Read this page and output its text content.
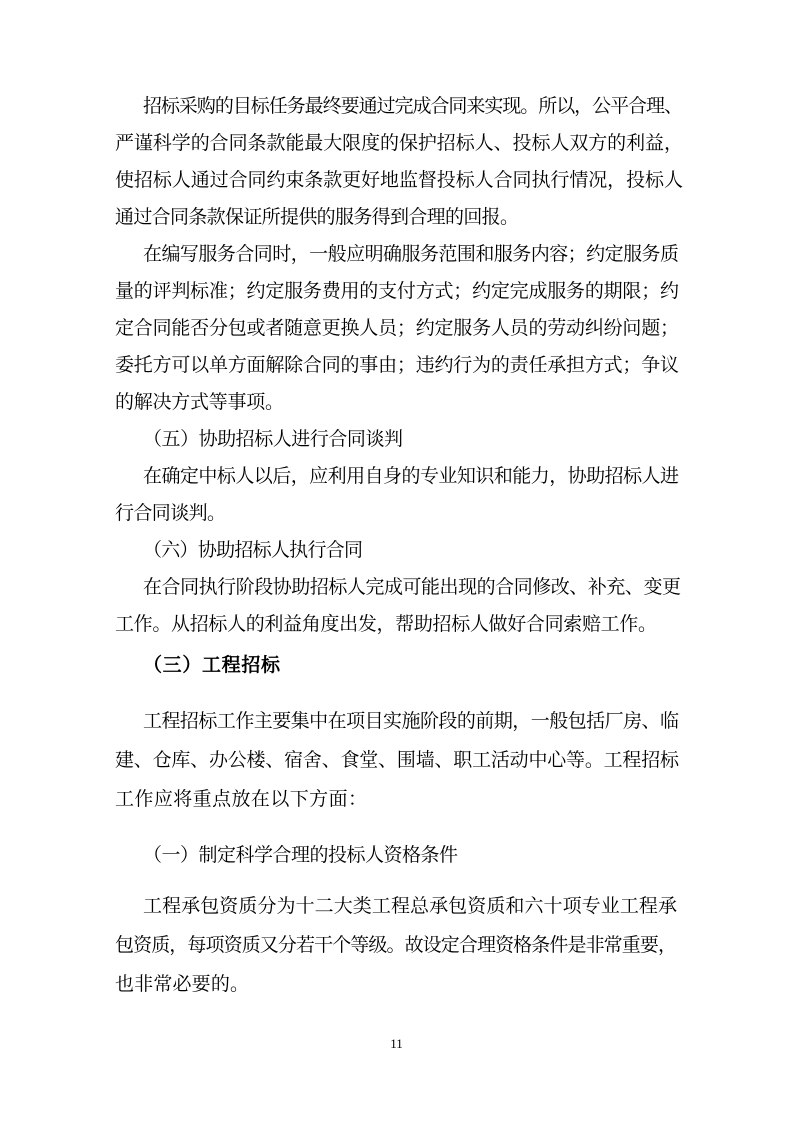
招标采购的目标任务最终要通过完成合同来实现。所以，公平合理、
严谨科学的合同条款能最大限度的保护招标人、投标人双方的利益，
使招标人通过合同约束条款更好地监督投标人合同执行情况，投标人
通过合同条款保证所提供的服务得到合理的回报。
在编写服务合同时，一般应明确服务范围和服务内容；约定服务质
量的评判标准；约定服务费用的支付方式；约定完成服务的期限；约
定合同能否分包或者随意更换人员；约定服务人员的劳动纠纷问题；
委托方可以单方面解除合同的事由；违约行为的责任承担方式；争议
的解决方式等事项。
（五）协助招标人进行合同谈判
在确定中标人以后，应利用自身的专业知识和能力，协助招标人进
行合同谈判。
（六）协助招标人执行合同
在合同执行阶段协助招标人完成可能出现的合同修改、补充、变更
工作。从招标人的利益角度出发，帮助招标人做好合同索赔工作。
（三）工程招标
工程招标工作主要集中在项目实施阶段的前期，一般包括厂房、临
建、仓库、办公楼、宿舍、食堂、围墙、职工活动中心等。工程招标
工作应将重点放在以下方面：
（一）制定科学合理的投标人资格条件
工程承包资质分为十二大类工程总承包资质和六十项专业工程承
包资质，每项资质又分若干个等级。故设定合理资格条件是非常重要，
也非常必要的。
11
